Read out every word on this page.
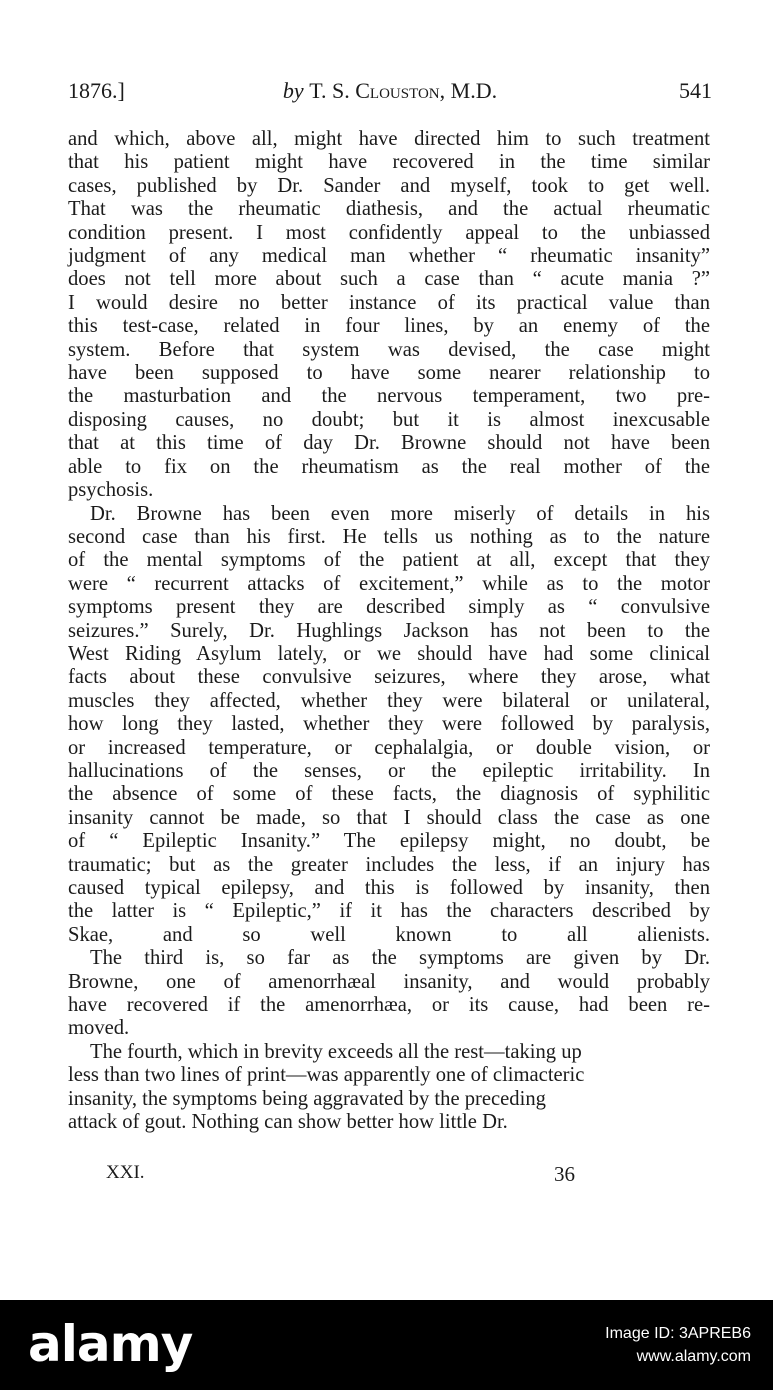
1876.]	by T. S. Clouston, M.D.	541

and which, above all, might have directed him to such treatment
that his patient might have recovered in the time similar
cases, published by Dr. Sander and myself, took to get well.
That was the rheumatic diathesis, and the actual rheumatic
condition present. I most confidently appeal to the unbiassed
judgment of any medical man whether “ rheumatic insanity”
does not tell more about such a case than “ acute mania ?”
I would desire no better instance of its practical value than
this test-case, related in four lines, by an enemy of the
system. Before that system was devised, the case might
have been supposed to have some nearer relationship to
the masturbation and the nervous temperament, two pre-
disposing causes, no doubt; but it is almost inexcusable
that at this time of day Dr. Browne should not have been
able to fix on the rheumatism as the real mother of the
psychosis.

Dr. Browne has been even more miserly of details in his
second case than his first. He tells us nothing as to the nature
of the mental symptoms of the patient at all, except that they
were “ recurrent attacks of excitement,” while as to the motor
symptoms present they are described simply as “ convulsive
seizures.” Surely, Dr. Hughlings Jackson has not been to the
West Riding Asylum lately, or we should have had some clinical
facts about these convulsive seizures, where they arose, what
muscles they affected, whether they were bilateral or unilateral,
how long they lasted, whether they were followed by paralysis,
or increased temperature, or cephalalgia, or double vision, or
hallucinations of the senses, or the epileptic irritability. In
the absence of some of these facts, the diagnosis of syphilitic
insanity cannot be made, so that I should class the case as one
of “ Epileptic Insanity.” The epilepsy might, no doubt, be
traumatic; but as the greater includes the less, if an injury has
caused typical epilepsy, and this is followed by insanity, then
the latter is “ Epileptic,” if it has the characters described by
Skae, and so well known to all alienists.

The third is, so far as the symptoms are given by Dr.
Browne, one of amenorrhæal insanity, and would probably
have recovered if the amenorrhæa, or its cause, had been re-
moved.

The fourth, which in brevity exceeds all the rest—taking up
less than two lines of print—was apparently one of climacteric
insanity, the symptoms being aggravated by the preceding
attack of gout. Nothing can show better how little Dr.

XXI.	36
alamy	Image ID: 3APREB6
www.alamy.com
